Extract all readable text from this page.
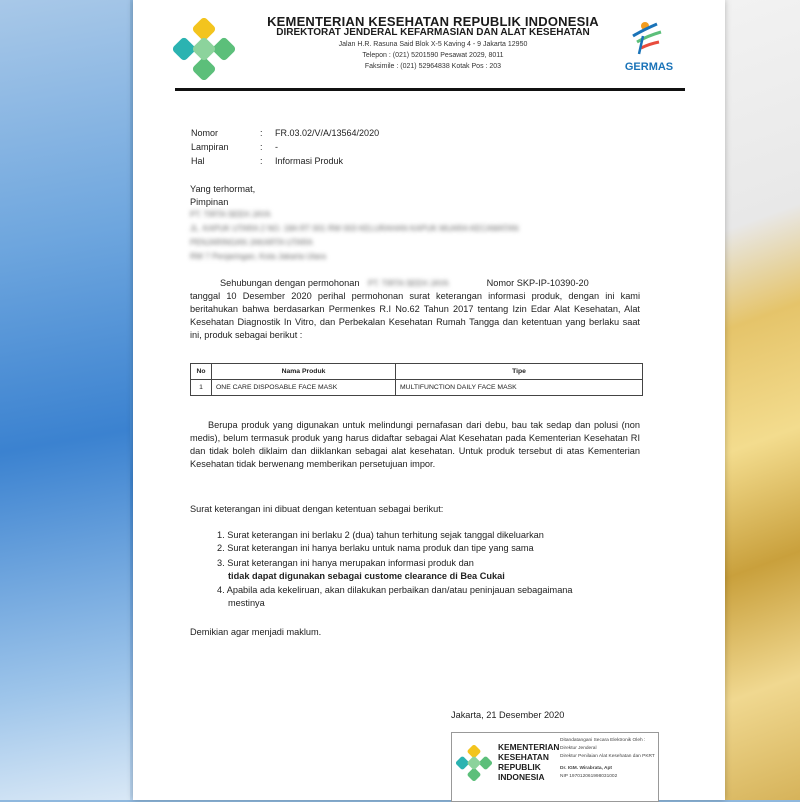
KEMENTERIAN KESEHATAN REPUBLIK INDONESIA
DIREKTORAT JENDERAL KEFARMASIAN DAN ALAT KESEHATAN
Jalan H.R. Rasuna Said Blok X-5 Kaving 4 - 9 Jakarta 12950
Telepon : (021) 5201590 Pesawat 2029, 8011
Faksimile : (021) 52964838 Kotak Pos : 203	GERMAS
Nomor	: FR.03.02/V/A/13564/2020
Lampiran	: -
Hal	: Informasi Produk
Yang terhormat,
Pimpinan
PT. TIRTA SEEH JAYA
JL. KAPUK UTARA 2 NO. 18A RT 001 RW 003 KELURAHAN KAPUK MUARA KECAMATAN
PENJARINGAN JAKARTA UTARA
RW 7 Penjaringan, Kota Jakarta Utara
Sehubungan dengan permohonan PT. TIRTA SEEH JAYA	Nomor SKP-IP-10390-20
tanggal 10 Desember 2020 perihal permohonan surat keterangan informasi produk, dengan ini kami beritahukan bahwa berdasarkan Permenkes R.I No.62 Tahun 2017 tentang Izin Edar Alat Kesehatan, Alat Kesehatan Diagnostik In Vitro, dan Perbekalan Kesehatan Rumah Tangga dan ketentuan yang berlaku saat ini, produk sebagai berikut :
No	Nama Produk	Tipe
1	ONE CARE DISPOSABLE FACE MASK	MULTIFUNCTION DAILY FACE MASK
Berupa produk yang digunakan untuk melindungi pernafasan dari debu, bau tak sedap dan polusi (non medis), belum termasuk produk yang harus didaftar sebagai Alat Kesehatan pada Kementerian Kesehatan RI dan tidak boleh diklaim dan diiklankan sebagai alat kesehatan. Untuk produk tersebut di atas Kementerian Kesehatan tidak berwenang memberikan persetujuan impor.
Surat keterangan ini dibuat dengan ketentuan sebagai berikut:
1. Surat keterangan ini berlaku 2 (dua) tahun terhitung sejak tanggal dikeluarkan
2. Surat keterangan ini hanya berlaku untuk nama produk dan tipe yang sama
3. Surat keterangan ini hanya merupakan informasi produk dan
tidak dapat digunakan sebagai custome clearance di Bea Cukai
4. Apabila ada kekeliruan, akan dilakukan perbaikan dan/atau peninjauan sebagaimana
mestinya
Demikian agar menjadi maklum.
Jakarta, 21 Desember 2020
KEMENTERIAN
KESEHATAN
REPUBLIK
INDONESIA
Ditandatangani Secara Elektronik Oleh :
Direktur Jenderal
Direktur Penilaian Alat Kesehatan dan PKRT
Dr. IGM. Wirabrata, Apt
NIP 197012061998031002
